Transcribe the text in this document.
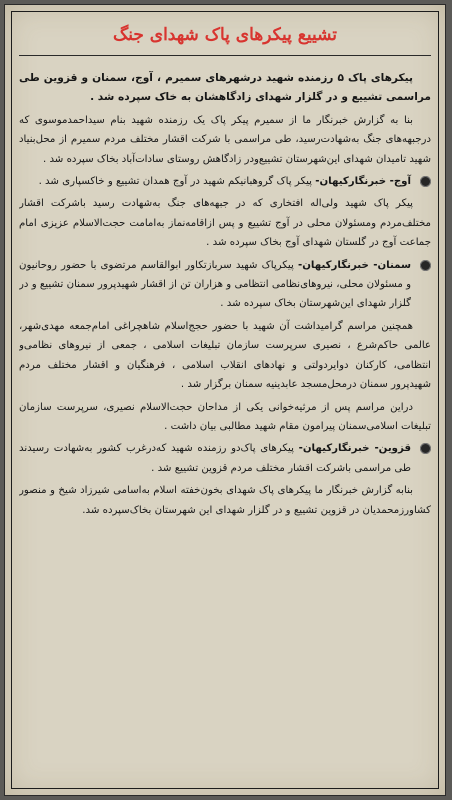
تشییع پیکرهای پاک شهدای جنگ

پیکرهای پاک ۵ رزمنده شهید درشهرهای سمیرم ، آوج، سمنان و قزوین طی مراسمی تشییع و در گلزار شهدای زادگاهشان به خاک سپرده شد .

بنا به گزارش خبرنگار ما از سمیرم پیکر پاک یک رزمنده شهید بنام سیداحمدموسوی که درجبهه‌های جنگ به‌شهادت‌رسید، طی مراسمی با شرکت اقشار مختلف مردم سمیرم از محل‌بنیاد شهید تامیدان شهدای این‌شهرستان تشییع‌ودر زادگاهش روستای سادات‌آباد بخاک سپرده شد .

آوج- خبرنگارکیهان- پیکر پاک گروهبانیکم شهید در آوج همدان تشییع و خاکسپاری شد .

پیکر پاک شهید ولی‌اله افتخاری که در جبهه‌های جنگ به‌شهادت رسید باشرکت اقشار مختلف‌مردم ومسئولان محلی در آوج تشییع و پس ازاقامه‌نماز به‌امامت حجت‌الاسلام عزیزی امام جماعت آوج در گلستان شهدای آوج بخاک سپرده شد .

سمنان- خبرنگارکیهان- پیکرپاک شهید سربازتکاور ابوالقاسم مرتضوی با حضور روحانیون و مسئولان محلی، نیروهای‌نظامی انتظامی و هزاران تن از اقشار شهیدپرور سمنان تشییع و در گلزار شهدای این‌شهرستان بخاک سپرده شد .

همچنین مراسم گرامیداشت آن شهید با حضور حجج‌اسلام شاهچراغی امام‌جمعه مهدی‌شهر، عالمی حاکم‌شرع ، نصیری سرپرست سازمان تبلیغات اسلامی ، جمعی از نیروهای نظامی‌و انتظامی، کارکنان دوایردولتی و نهادهای انقلاب اسلامی ، فرهنگیان و اقشار مختلف مردم شهیدپرور سمنان درمحل‌مسجد عابدینیه سمنان برگزار شد .

دراین مراسم پس از مرثیه‌خوانی یکی از مداحان حجت‌الاسلام نصیری، سرپرست سازمان تبلیغات اسلامی‌سمنان پیرامون مقام شهید مطالبی بیان داشت .

قزوین- خبرنگارکیهان- پیکرهای پاک‌دو رزمنده شهید که‌درغرب کشور به‌شهادت رسیدند‌ طی مراسمی باشرکت اقشار مختلف مردم قزوین تشییع شد .

بنابه گزارش خبرنگار ما پیکرهای پاک شهدای بخون‌خفته اسلام به‌اسامی شیرزاد شیخ و منصور کشاورزمحمدیان در قزوین تشییع و در گلزار شهدای این شهرستان بخاک‌سپرده شد.
